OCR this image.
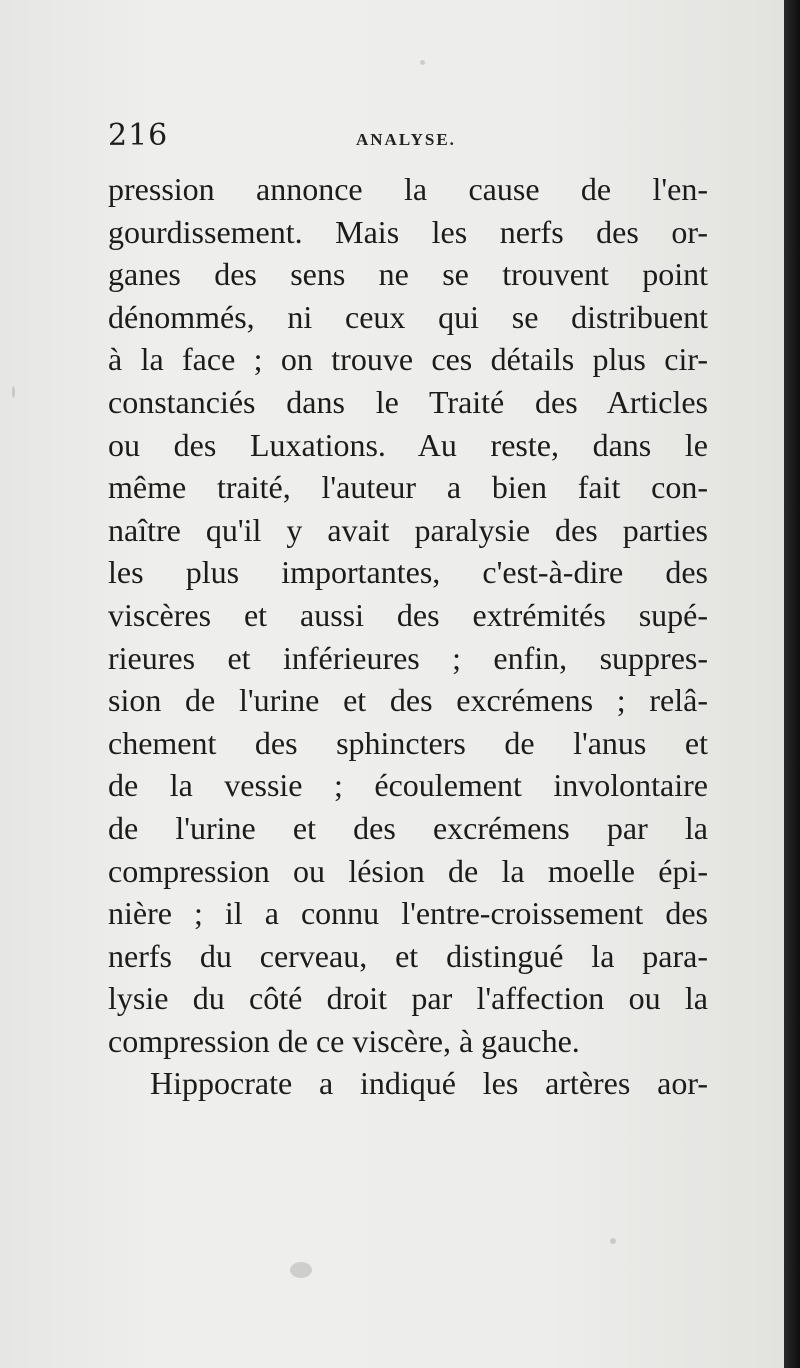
216	ANALYSE.
pression annonce la cause de l'en-
gourdissement. Mais les nerfs des or-
ganes des sens ne se trouvent point
dénommés, ni ceux qui se distribuent
à la face ; on trouve ces détails plus cir-
constanciés dans le Traité des Articles
ou des Luxations. Au reste, dans le
même traité, l'auteur a bien fait con-
naître qu'il y avait paralysie des parties
les plus importantes, c'est-à-dire des
viscères et aussi des extrémités supé-
rieures et inférieures ; enfin, suppres-
sion de l'urine et des excrémens ; relâ-
chement des sphincters de l'anus et
de la vessie ; écoulement involontaire
de l'urine et des excrémens par la
compression ou lésion de la moelle épi-
nière ; il a connu l'entre-croissement des
nerfs du cerveau, et distingué la para-
lysie du côté droit par l'affection ou la
compression de ce viscère, à gauche.
Hippocrate a indiqué les artères aor-
